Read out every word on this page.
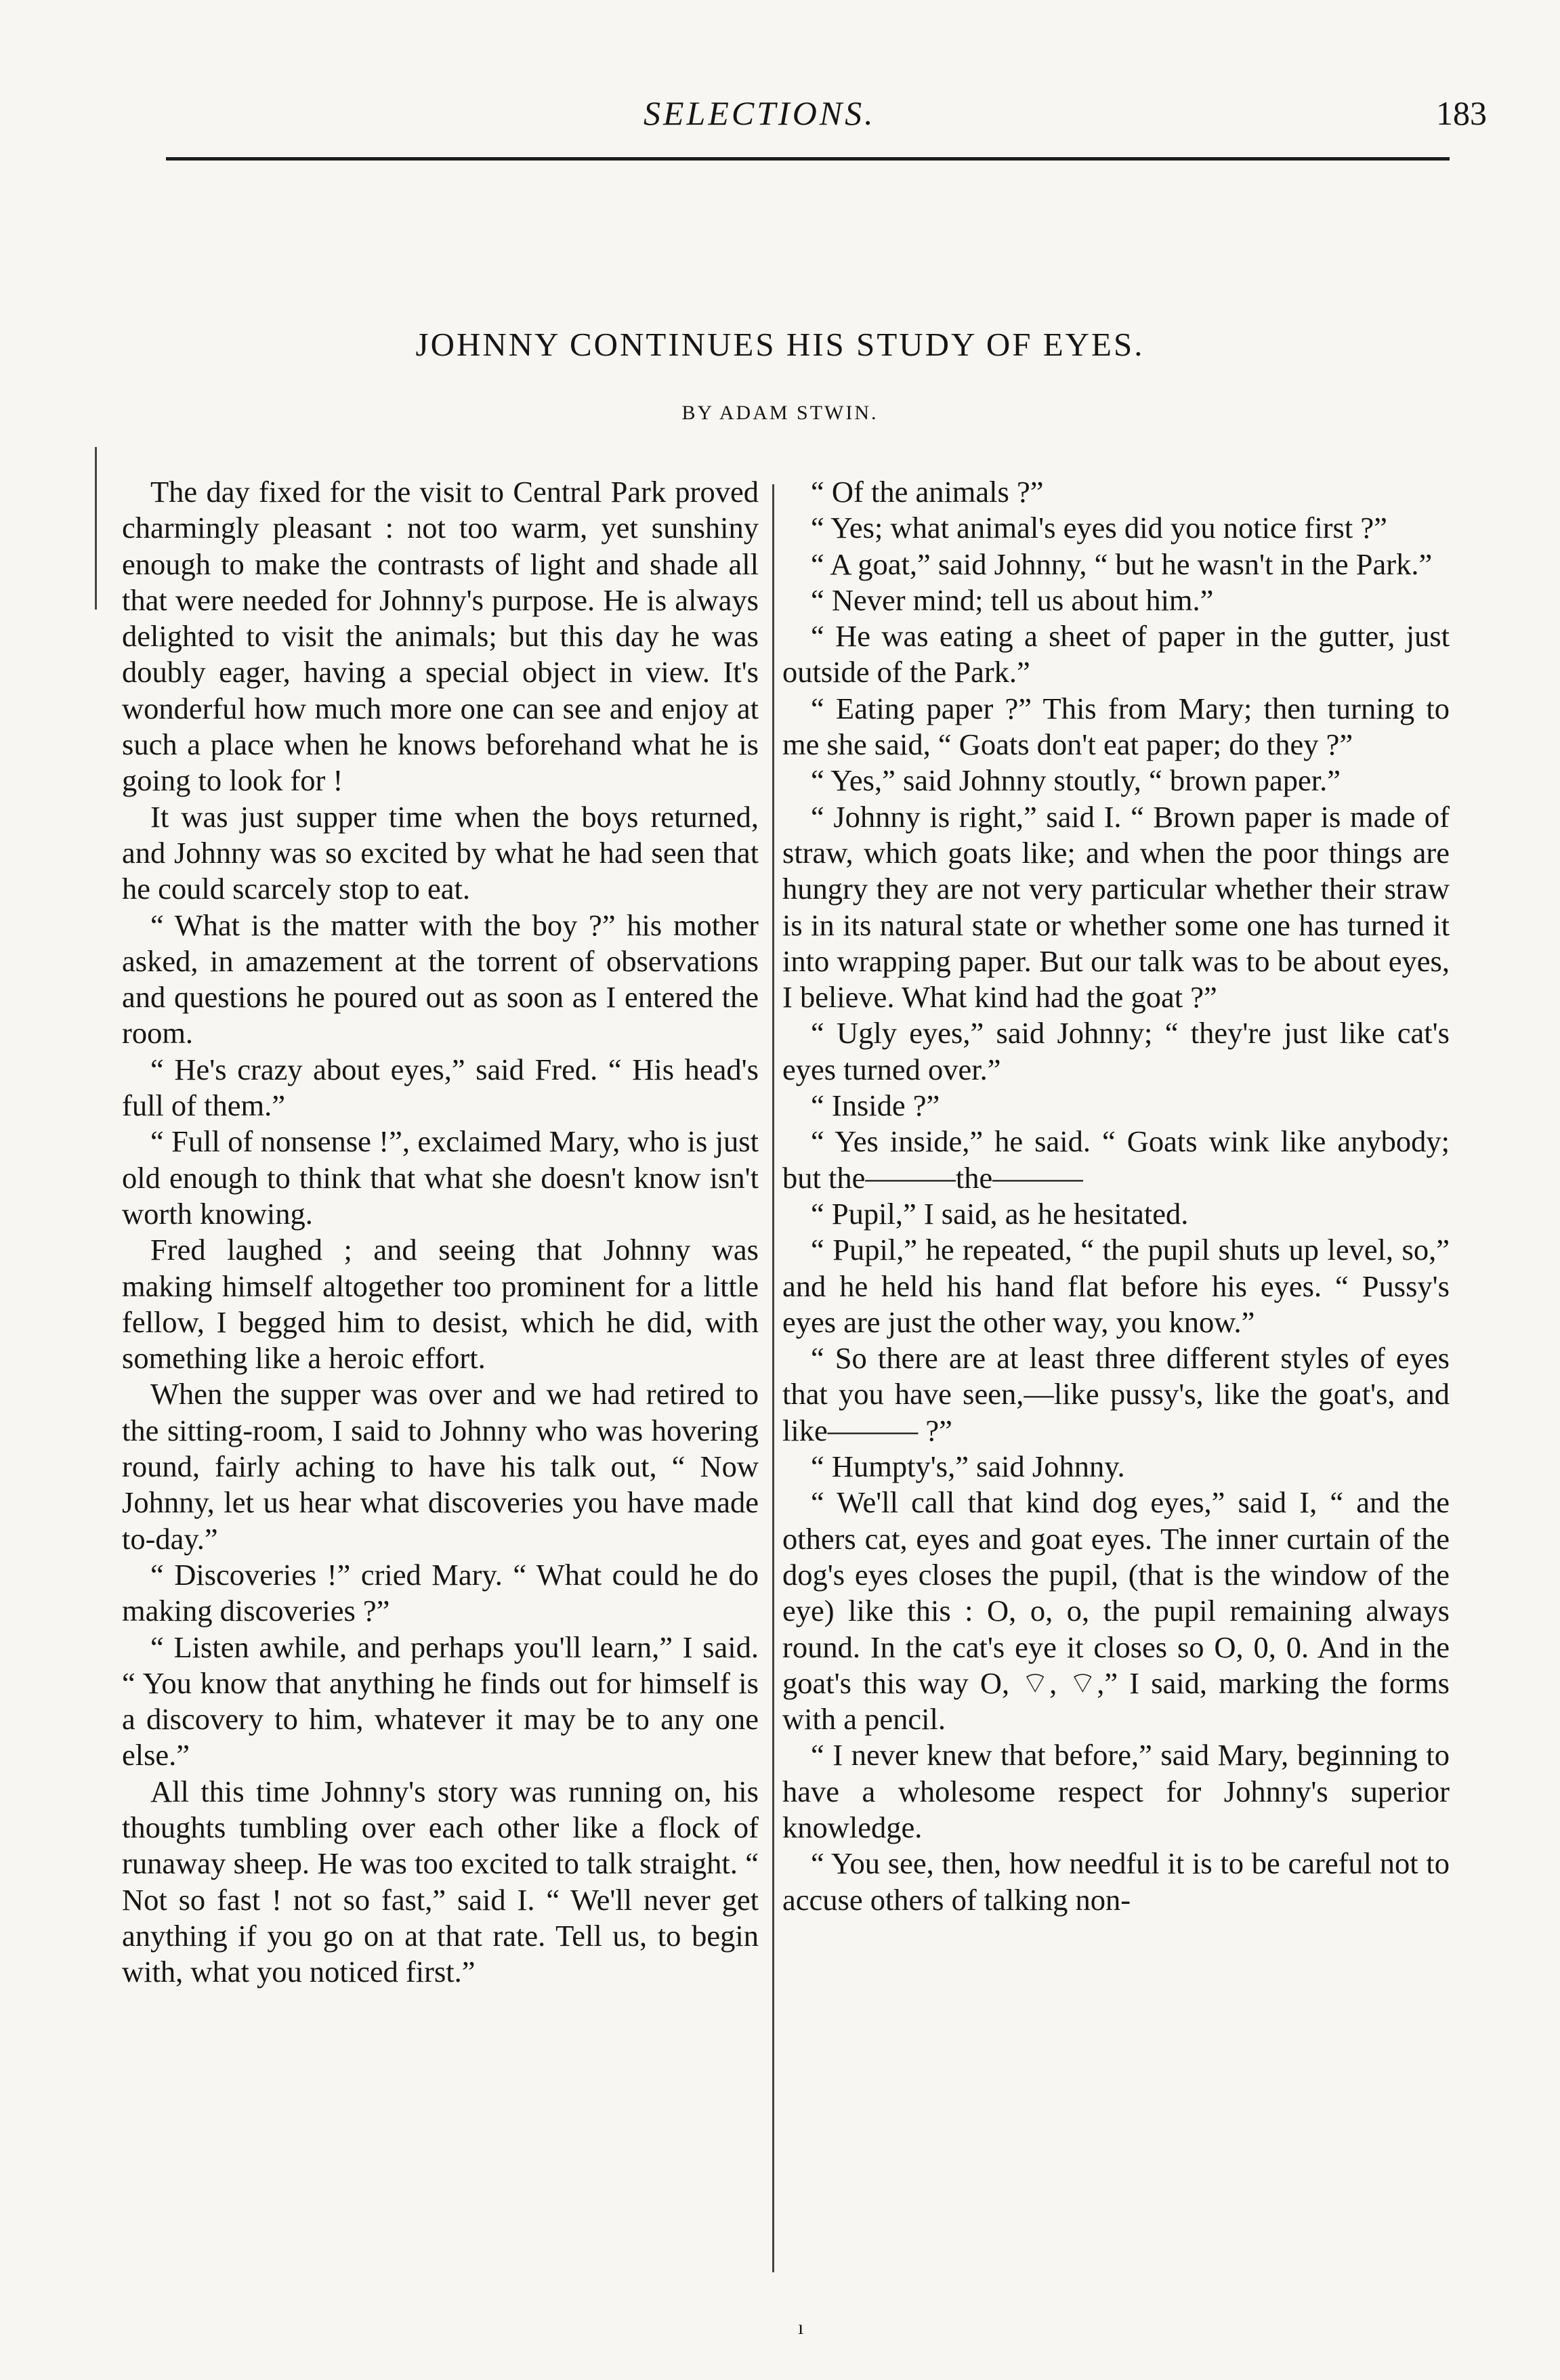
SELECTIONS.	183
JOHNNY CONTINUES HIS STUDY OF EYES.
BY ADAM STWIN.

The day fixed for the visit to Central Park proved charmingly pleasant : not too warm, yet sunshiny enough to make the contrasts of light and shade all that were needed for Johnny's purpose. He is always delighted to visit the animals; but this day he was doubly eager, having a special object in view. It's wonderful how much more one can see and enjoy at such a place when he knows beforehand what he is going to look for !

It was just supper time when the boys returned, and Johnny was so excited by what he had seen that he could scarcely stop to eat.

“ What is the matter with the boy ?” his mother asked, in amazement at the torrent of observations and questions he poured out as soon as I entered the room.

“ He's crazy about eyes,” said Fred. “ His head's full of them.”

“ Full of nonsense !”, exclaimed Mary, who is just old enough to think that what she doesn't know isn't worth knowing.

Fred laughed ; and seeing that Johnny was making himself altogether too prominent for a little fellow, I begged him to desist, which he did, with something like a heroic effort.

When the supper was over and we had retired to the sitting-room, I said to Johnny who was hovering round, fairly aching to have his talk out, “ Now Johnny, let us hear what discoveries you have made to-day.”

“ Discoveries !” cried Mary. “ What could he do making discoveries ?”

“ Listen awhile, and perhaps you'll learn,” I said. “ You know that anything he finds out for himself is a discovery to him, whatever it may be to any one else.”

All this time Johnny's story was running on, his thoughts tumbling over each other like a flock of runaway sheep. He was too excited to talk straight. “ Not so fast ! not so fast,” said I. “ We'll never get anything if you go on at that rate. Tell us, to begin with, what you noticed first.”

“ Of the animals ?”

“ Yes; what animal's eyes did you notice first ?”

“ A goat,” said Johnny, “ but he wasn't in the Park.”

“ Never mind; tell us about him.”

“ He was eating a sheet of paper in the gutter, just outside of the Park.”

“ Eating paper ?” This from Mary; then turning to me she said, “ Goats don't eat paper; do they ?”

“ Yes,” said Johnny stoutly, “ brown paper.”

“ Johnny is right,” said I. “ Brown paper is made of straw, which goats like; and when the poor things are hungry they are not very particular whether their straw is in its natural state or whether some one has turned it into wrapping paper. But our talk was to be about eyes, I believe. What kind had the goat ?”

“ Ugly eyes,” said Johnny; “ they're just like cat's eyes turned over.”

“ Inside ?”

“ Yes inside,” he said. “ Goats wink like anybody; but the———the———

“ Pupil,” I said, as he hesitated.

“ Pupil,” he repeated, “ the pupil shuts up level, so,” and he held his hand flat before his eyes. “ Pussy's eyes are just the other way, you know.”

“ So there are at least three different styles of eyes that you have seen,—like pussy's, like the goat's, and like——— ?”

“ Humpty's,” said Johnny.

“ We'll call that kind dog eyes,” said I, “ and the others cat, eyes and goat eyes. The inner curtain of the dog's eyes closes the pupil, (that is the window of the eye) like this : O, o, o, the pupil remaining always round. In the cat's eye it closes so O, 0, 0. And in the goat's this way O, ⌔, ⌔,” I said, marking the forms with a pencil.

“ I never knew that before,” said Mary, beginning to have a wholesome respect for Johnny's superior knowledge.

“ You see, then, how needful it is to be careful not to accuse others of talking non-

ı
